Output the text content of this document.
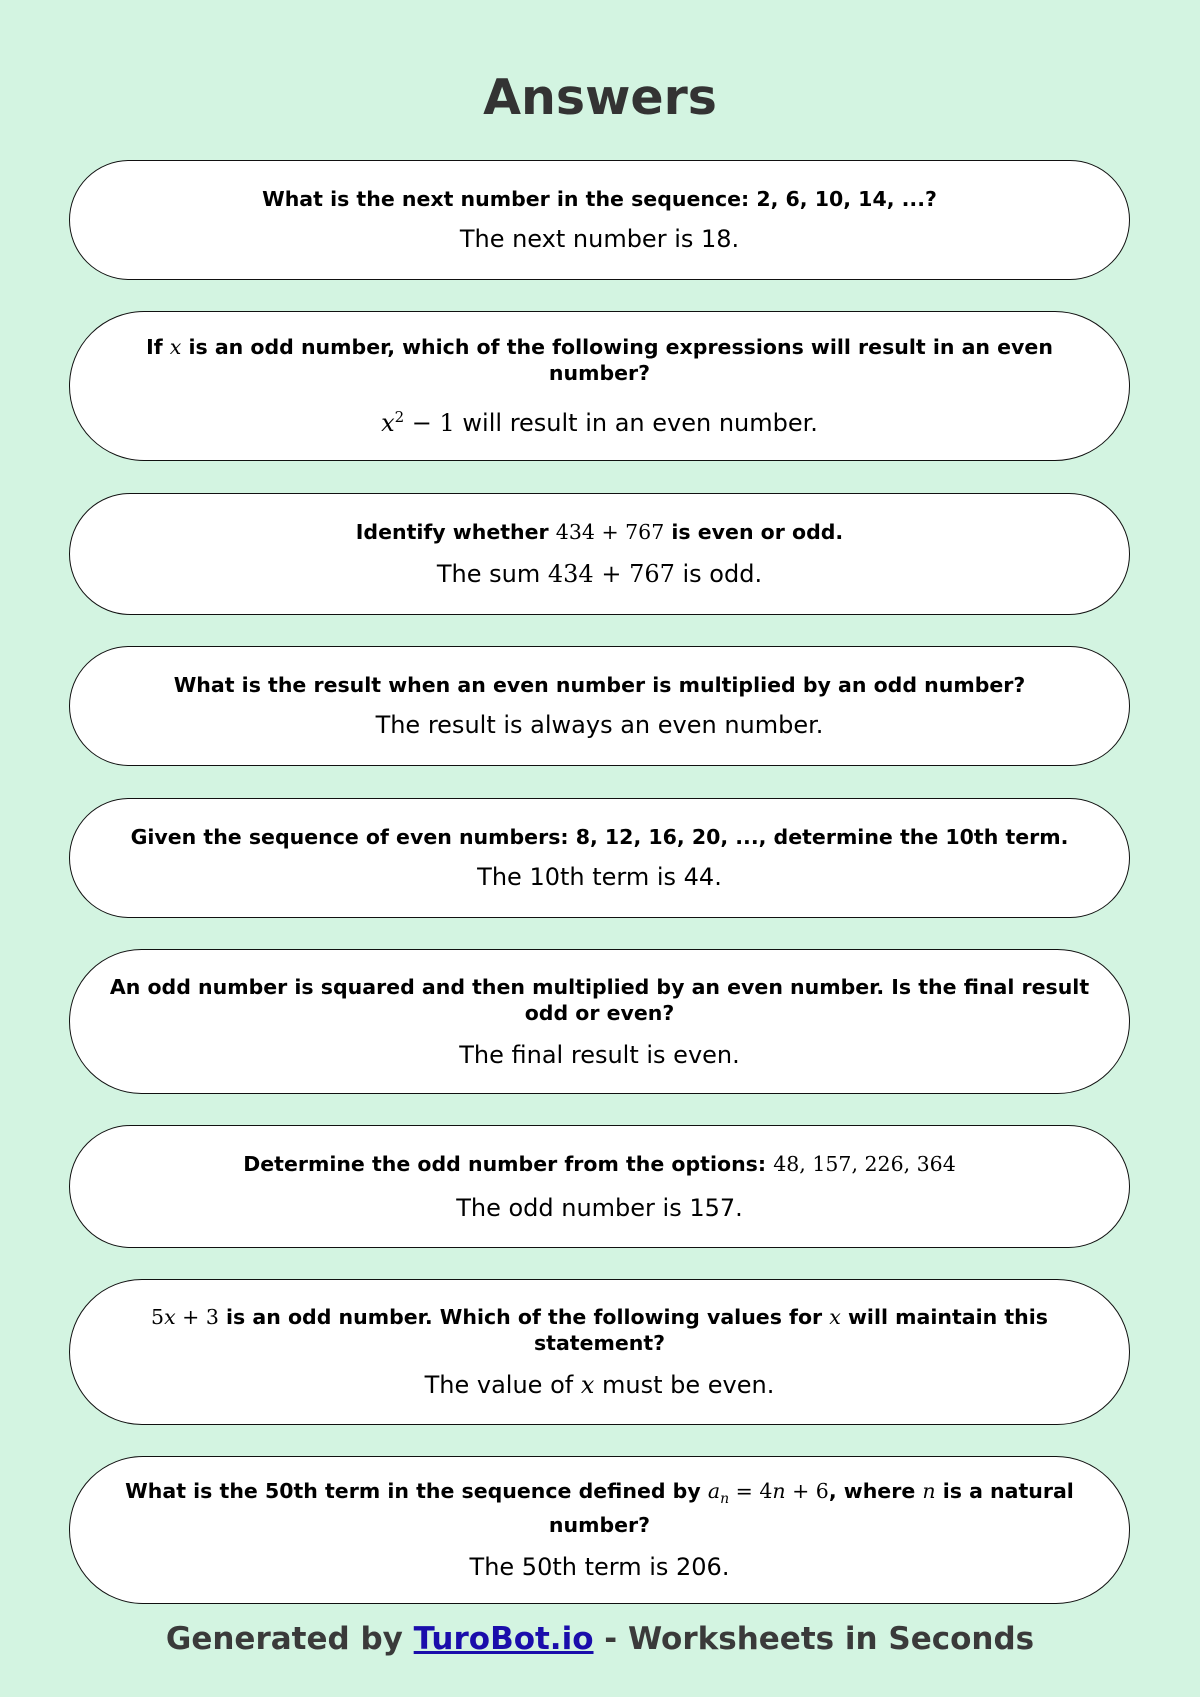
Answers
What is the next number in the sequence: 2, 6, 10, 14, ...?
The next number is 18.
If x is an odd number, which of the following expressions will result in an even number?
$x^2 - 1$ will result in an even number.
Identify whether 434 + 767 is even or odd.
The sum 434 + 767 is odd.
What is the result when an even number is multiplied by an odd number?
The result is always an even number.
Given the sequence of even numbers: 8, 12, 16, 20, ..., determine the 10th term.
The 10th term is 44.
An odd number is squared and then multiplied by an even number. Is the final result odd or even?
The final result is even.
Determine the odd number from the options: 48, 157, 226, 364
The odd number is 157.
5x + 3 is an odd number. Which of the following values for x will maintain this statement?
The value of x must be even.
What is the 50th term in the sequence defined by $a_n = 4n + 6$, where n is a natural number?
The 50th term is 206.
Generated by TuroBot.io - Worksheets in Seconds
